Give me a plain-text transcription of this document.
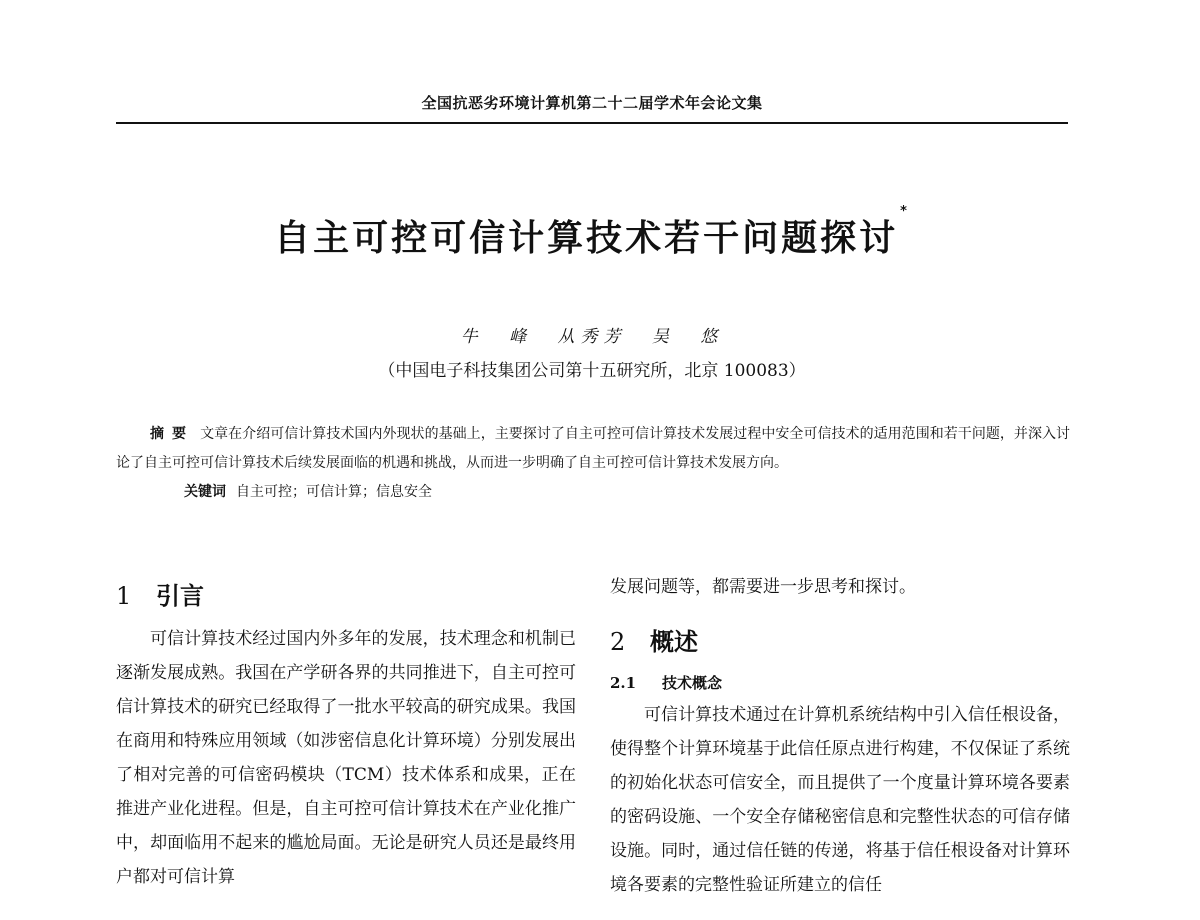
全国抗恶劣环境计算机第二十二届学术年会论文集
自主可控可信计算技术若干问题探讨*
牛 峰 从秀芳 吴 悠
（中国电子科技集团公司第十五研究所，北京 100083）

摘要 文章在介绍可信计算技术国内外现状的基础上，主要探讨了自主可控可信计算技术发展过程中安全可信技术的适用范围和若干问题，并深入讨论了自主可控可信计算技术后续发展面临的机遇和挑战，从而进一步明确了自主可控可信计算技术发展方向。

关键词 自主可控；可信计算；信息安全

1 引言

可信计算技术经过国内外多年的发展，技术理念和机制已逐渐发展成熟。我国在产学研各界的共同推进下，自主可控可信计算技术的研究已经取得了一批水平较高的研究成果。我国在商用和特殊应用领域（如涉密信息化计算环境）分别发展出了相对完善的可信密码模块（TCM）技术体系和成果，正在推进产业化进程。但是，自主可控可信计算技术在产业化推广中，却面临用不起来的尴尬局面。无论是研究人员还是最终用户都对可信计算

发展问题等，都需要进一步思考和探讨。

2 概述
2.1 技术概念

可信计算技术通过在计算机系统结构中引入信任根设备，使得整个计算环境基于此信任原点进行构建，不仅保证了系统的初始化状态可信安全，而且提供了一个度量计算环境各要素的密码设施、一个安全存储秘密信息和完整性状态的可信存储设施。同时，通过信任链的传递，将基于信任根设备对计算环境各要素的完整性验证所建立的信任
